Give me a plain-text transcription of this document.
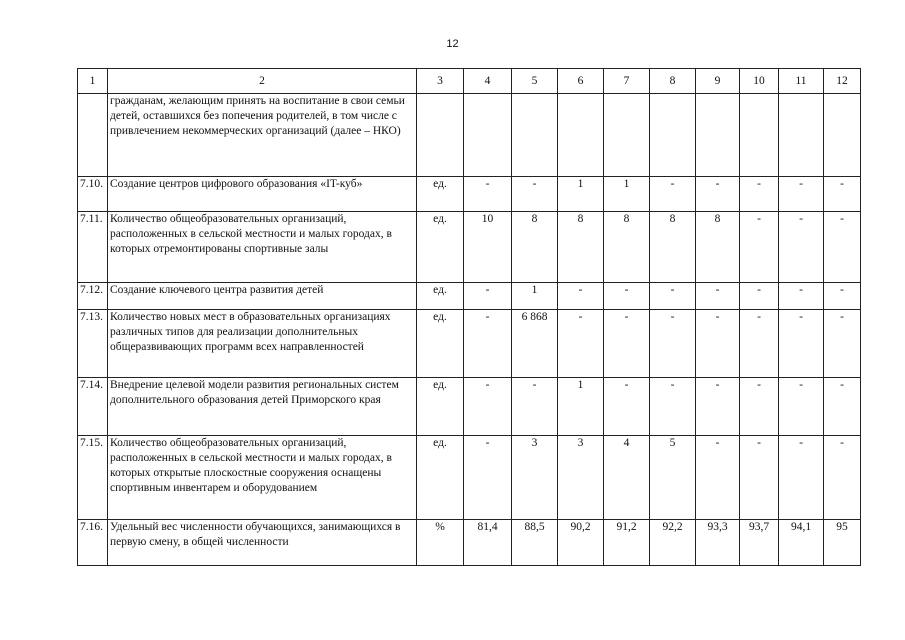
12
1	2	3	4	5	6	7	8	9	10	11	12
	гражданам, желающим принять на воспитание в свои семьи детей, оставшихся без попечения родителей, в том числе с привлечением некоммерческих организаций (далее – НКО)										
7.10.	Создание центров цифрового образования «IT-куб»	ед.	-	-	1	1	-	-	-	-	-
7.11.	Количество общеобразовательных организаций, расположенных в сельской местности и малых городах, в которых отремонтированы спортивные залы	ед.	10	8	8	8	8	8	-	-	-
7.12.	Создание ключевого центра развития детей	ед.	-	1	-	-	-	-	-	-	-
7.13.	Количество новых мест в образовательных организациях различных типов для реализации дополнительных общеразвивающих программ всех направленностей	ед.	-	6 868	-	-	-	-	-	-	-
7.14.	Внедрение целевой модели развития региональных систем дополнительного образования детей Приморского края	ед.	-	-	1	-	-	-	-	-	-
7.15.	Количество общеобразовательных организаций, расположенных в сельской местности и малых городах, в которых открытые плоскостные сооружения оснащены спортивным инвентарем и оборудованием	ед.	-	3	3	4	5	-	-	-	-
7.16.	Удельный вес численности обучающихся, занимающихся в первую смену, в общей численности	%	81,4	88,5	90,2	91,2	92,2	93,3	93,7	94,1	95
